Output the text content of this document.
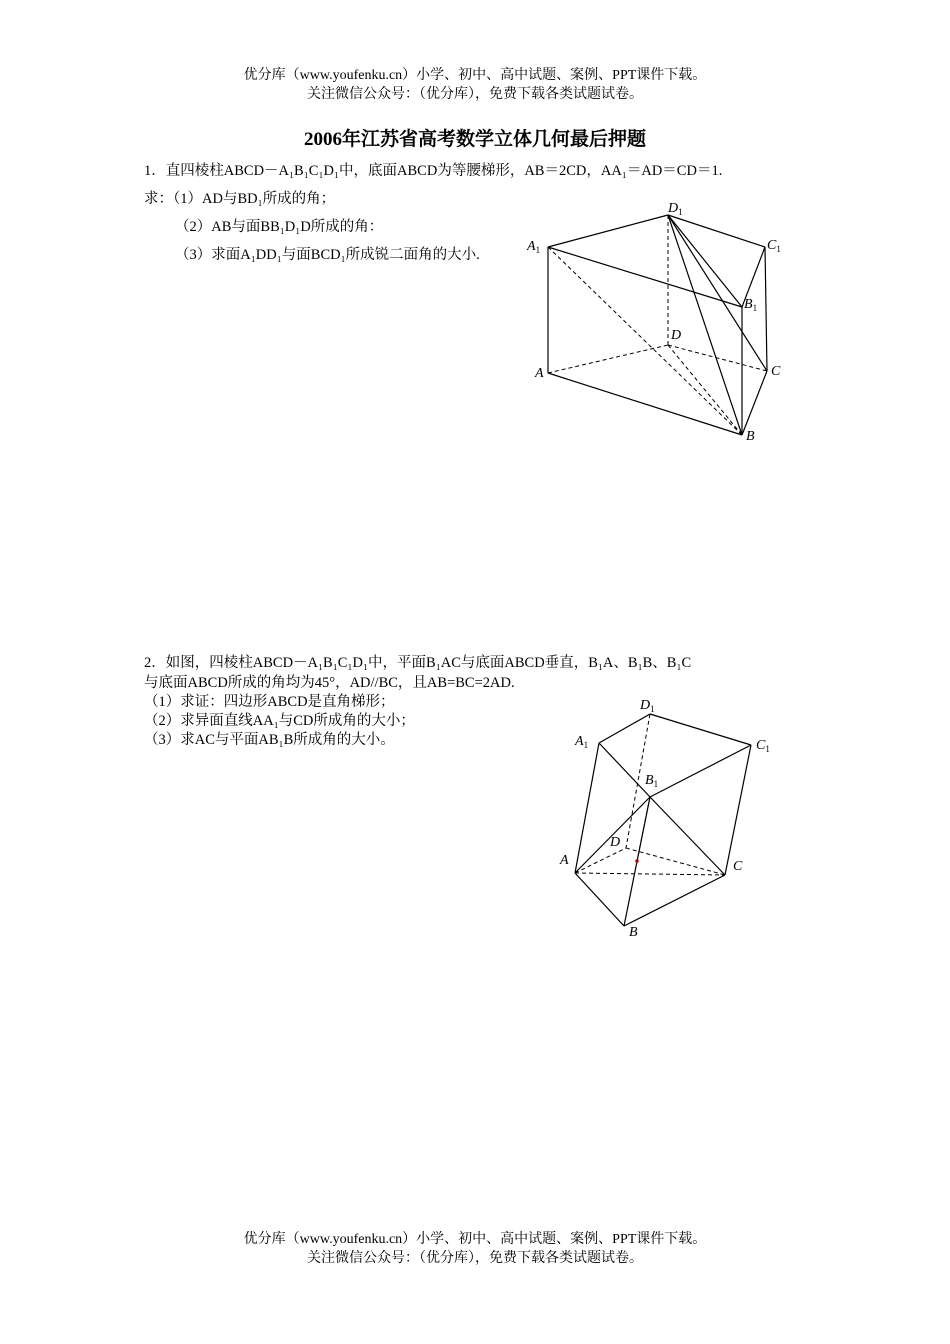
优分库（www.youfenku.cn）小学、初中、高中试题、案例、PPT课件下载。
关注微信公众号：（优分库），免费下载各类试题试卷。
2006年江苏省高考数学立体几何最后押题
1．直四棱柱ABCD－A₁B₁C₁D₁中，底面ABCD为等腰梯形，AB＝2CD，AA₁＝AD＝CD＝1.
求：（1）AD与BD₁所成的角；
（2）AB与面BB₁D₁D所成的角：
（3）求面A₁DD₁与面BCD₁所成锐二面角的大小.
$D_1$
$A_1$	$C_1$
$B_1$
D
A	C
B
2．如图，四棱柱ABCD－A₁B₁C₁D₁中，平面B₁AC与底面ABCD垂直，B₁A、B₁B、B₁C
与底面ABCD所成的角均为45°，AD//BC，且AB=BC=2AD.
（1）求证：四边形ABCD是直角梯形；
（2）求异面直线AA₁与CD所成角的大小；
（3）求AC与平面AB₁B所成角的大小。
$D_1$
$A_1$	$C_1$
$B_1$
D
A	C
B
优分库（www.youfenku.cn）小学、初中、高中试题、案例、PPT课件下载。
关注微信公众号：（优分库），免费下载各类试题试卷。
